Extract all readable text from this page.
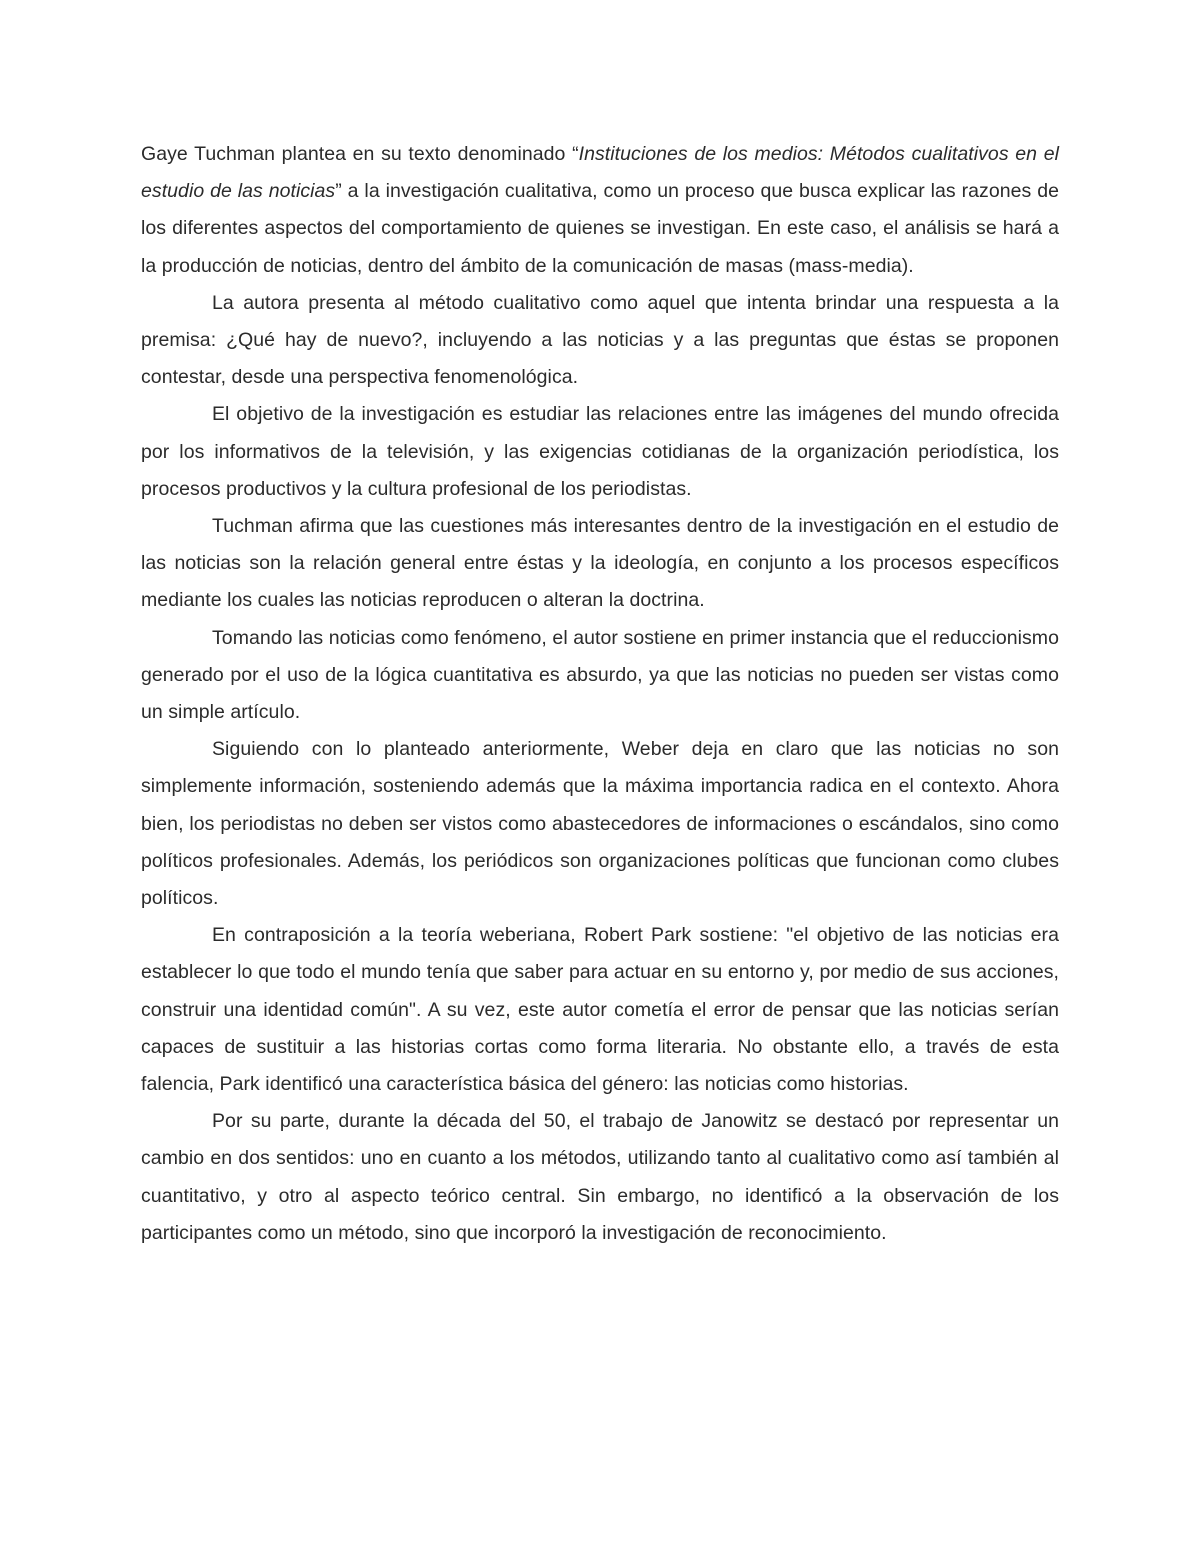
Gaye Tuchman plantea en su texto denominado “Instituciones de los medios: Métodos cualitativos en el estudio de las noticias” a la investigación cualitativa, como un proceso que busca explicar las razones de los diferentes aspectos del comportamiento de quienes se investigan. En este caso, el análisis se hará a la producción de noticias, dentro del ámbito de la comunicación de masas (mass-media).

La autora presenta al método cualitativo como aquel que intenta brindar una respuesta a la premisa: ¿Qué hay de nuevo?, incluyendo a las noticias y a las preguntas que éstas se proponen contestar, desde una perspectiva fenomenológica.

El objetivo de la investigación es estudiar las relaciones entre las imágenes del mundo ofrecida por los informativos de la televisión, y las exigencias cotidianas de la organización periodística, los procesos productivos y la cultura profesional de los periodistas.

Tuchman afirma que las cuestiones más interesantes dentro de la investigación en el estudio de las noticias son la relación general entre éstas y la ideología, en conjunto a los procesos específicos mediante los cuales las noticias reproducen o alteran la doctrina.

Tomando las noticias como fenómeno, el autor sostiene en primer instancia que el reduccionismo generado por el uso de la lógica cuantitativa es absurdo, ya que las noticias no pueden ser vistas como un simple artículo.

Siguiendo con lo planteado anteriormente, Weber deja en claro que las noticias no son simplemente información, sosteniendo además que la máxima importancia radica en el contexto. Ahora bien, los periodistas no deben ser vistos como abastecedores de informaciones o escándalos, sino como políticos profesionales. Además, los periódicos son organizaciones políticas que funcionan como clubes políticos.

En contraposición a la teoría weberiana, Robert Park sostiene: "el objetivo de las noticias era establecer lo que todo el mundo tenía que saber para actuar en su entorno y, por medio de sus acciones, construir una identidad común". A su vez, este autor cometía el error de pensar que las noticias serían capaces de sustituir a las historias cortas como forma literaria. No obstante ello, a través de esta falencia, Park identificó una característica básica del género: las noticias como historias.

Por su parte, durante la década del 50, el trabajo de Janowitz se destacó por representar un cambio en dos sentidos: uno en cuanto a los métodos, utilizando tanto al cualitativo como así también al cuantitativo, y otro al aspecto teórico central. Sin embargo, no identificó a la observación de los participantes como un método, sino que incorporó la investigación de reconocimiento.
